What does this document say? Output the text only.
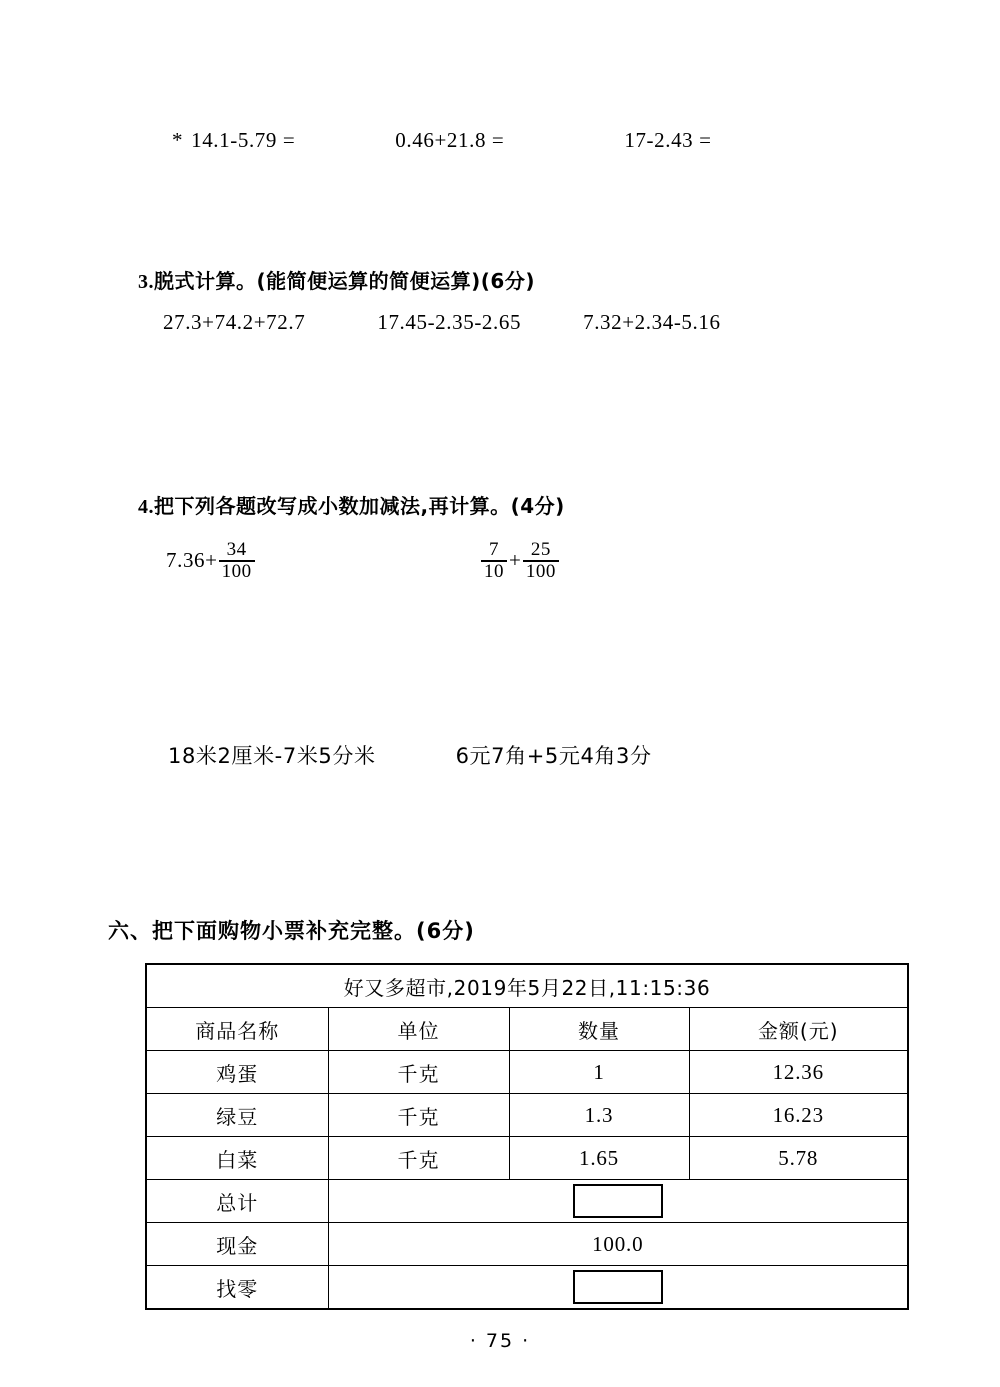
* 14.1-5.79 =	0.46+21.8 =	17-2.43 =
3.脱式计算。(能简便运算的简便运算)(6分)
27.3+74.2+72.7	17.45-2.35-2.65	7.32+2.34-5.16
4.把下列各题改写成小数加减法,再计算。(4分)
$7.36+ \frac{34}{100}$	$\frac{7}{10} + \frac{25}{100}$
18米2厘米-7米5分米	6元7角+5元4角3分
六、把下面购物小票补充完整。(6分)
好又多超市,2019年5月22日,11:15:36			
商品名称	单位	数量	金额(元)
鸡蛋	千克	1	12.36
绿豆	千克	1.3	16.23
白菜	千克	1.65	5.78
总计			
现金	100.0		
找零			
· 75 ·
